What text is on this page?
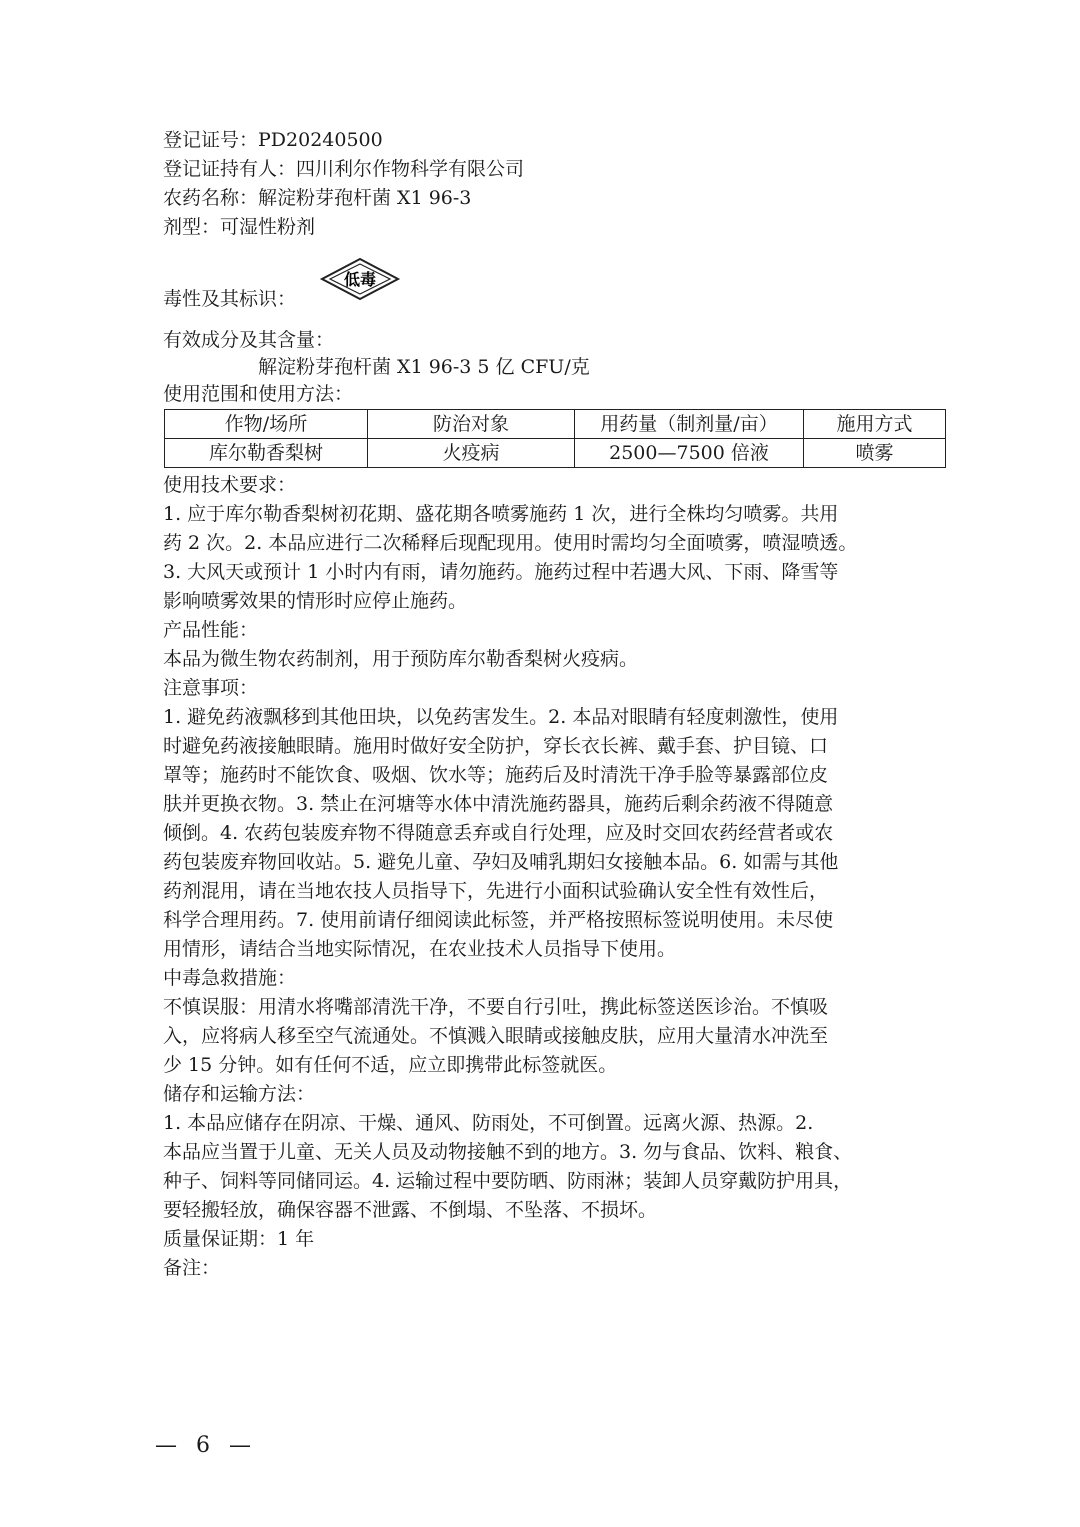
登记证号：PD20240500
登记证持有人：四川利尔作物科学有限公司
农药名称：解淀粉芽孢杆菌 X1 96-3
剂型：可湿性粉剂
毒性及其标识：
低毒
有效成分及其含量：
解淀粉芽孢杆菌 X1 96-3 5 亿 CFU/克
使用范围和使用方法：
作物/场所	防治对象	用药量（制剂量/亩）	施用方式
库尔勒香梨树	火疫病	2500—7500 倍液	喷雾
使用技术要求：
1. 应于库尔勒香梨树初花期、盛花期各喷雾施药 1 次，进行全株均匀喷雾。共用
药 2 次。2. 本品应进行二次稀释后现配现用。使用时需均匀全面喷雾，喷湿喷透。
3. 大风天或预计 1 小时内有雨，请勿施药。施药过程中若遇大风、下雨、降雪等
影响喷雾效果的情形时应停止施药。
产品性能：
本品为微生物农药制剂，用于预防库尔勒香梨树火疫病。
注意事项：
1. 避免药液飘移到其他田块，以免药害发生。2. 本品对眼睛有轻度刺激性，使用
时避免药液接触眼睛。施用时做好安全防护，穿长衣长裤、戴手套、护目镜、口
罩等；施药时不能饮食、吸烟、饮水等；施药后及时清洗干净手脸等暴露部位皮
肤并更换衣物。3. 禁止在河塘等水体中清洗施药器具，施药后剩余药液不得随意
倾倒。4. 农药包装废弃物不得随意丢弃或自行处理，应及时交回农药经营者或农
药包装废弃物回收站。5. 避免儿童、孕妇及哺乳期妇女接触本品。6. 如需与其他
药剂混用，请在当地农技人员指导下，先进行小面积试验确认安全性有效性后，
科学合理用药。7. 使用前请仔细阅读此标签，并严格按照标签说明使用。未尽使
用情形，请结合当地实际情况，在农业技术人员指导下使用。
中毒急救措施：
不慎误服：用清水将嘴部清洗干净，不要自行引吐，携此标签送医诊治。不慎吸
入，应将病人移至空气流通处。不慎溅入眼睛或接触皮肤，应用大量清水冲洗至
少 15 分钟。如有任何不适，应立即携带此标签就医。
储存和运输方法：
1. 本品应储存在阴凉、干燥、通风、防雨处，不可倒置。远离火源、热源。2.
本品应当置于儿童、无关人员及动物接触不到的地方。3. 勿与食品、饮料、粮食、
种子、饲料等同储同运。4. 运输过程中要防晒、防雨淋；装卸人员穿戴防护用具，
要轻搬轻放，确保容器不泄露、不倒塌、不坠落、不损坏。
质量保证期：1 年
备注：
— 6 —
